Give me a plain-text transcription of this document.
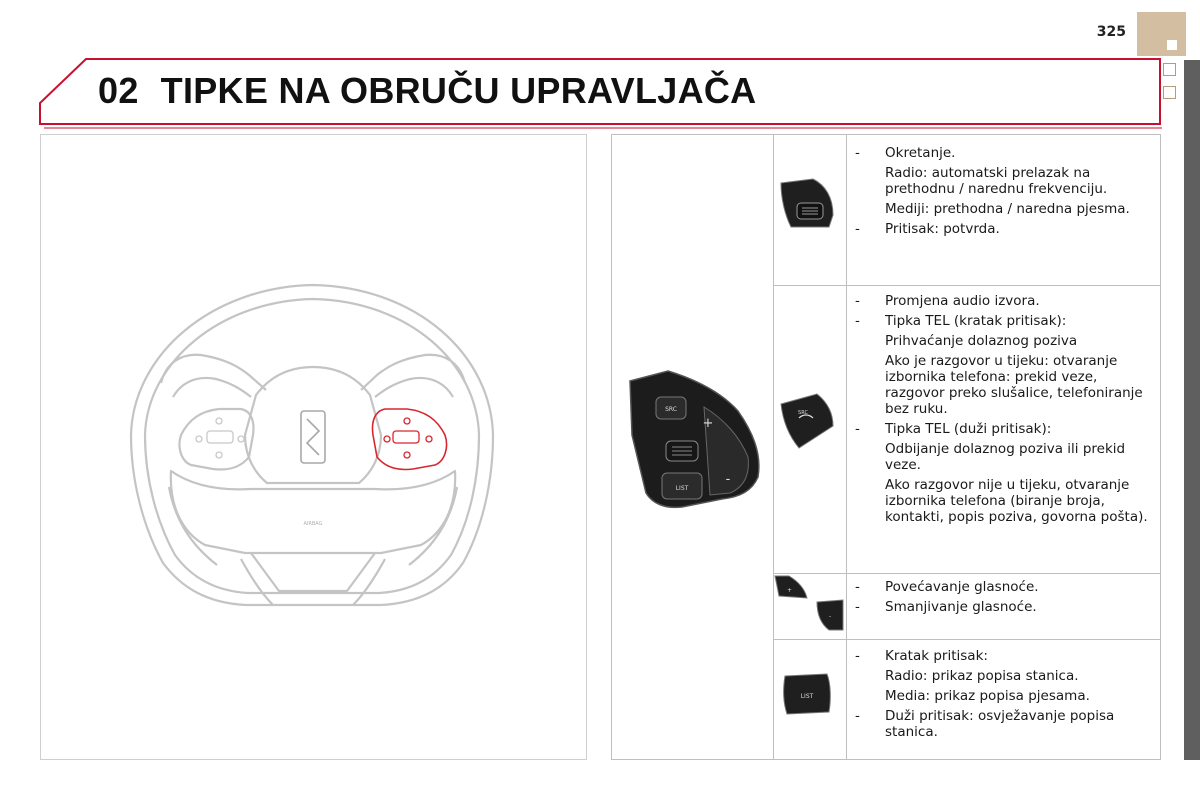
325
02 TIPKE NA OBRUČU UPRAVLJAČA
AIRBAG
SRC
LIST
+
-
SRC
+
-
LIST
- Okretanje.
Radio: automatski prelazak na prethodnu / narednu frekvenciju.
Mediji: prethodna / naredna pjesma.
- Pritisak: potvrda.
- Promjena audio izvora.
- Tipka TEL (kratak pritisak):
Prihvaćanje dolaznog poziva
Ako je razgovor u tijeku: otvaranje izbornika telefona: prekid veze, razgovor preko slušalice, telefoniranje bez ruku.
- Tipka TEL (duži pritisak):
Odbijanje dolaznog poziva ili prekid veze.
Ako razgovor nije u tijeku, otvaranje izbornika telefona (biranje broja, kontakti, popis poziva, govorna pošta).
- Povećavanje glasnoće.
- Smanjivanje glasnoće.
- Kratak pritisak:
Radio: prikaz popisa stanica.
Media: prikaz popisa pjesama.
- Duži pritisak: osvježavanje popisa stanica.
